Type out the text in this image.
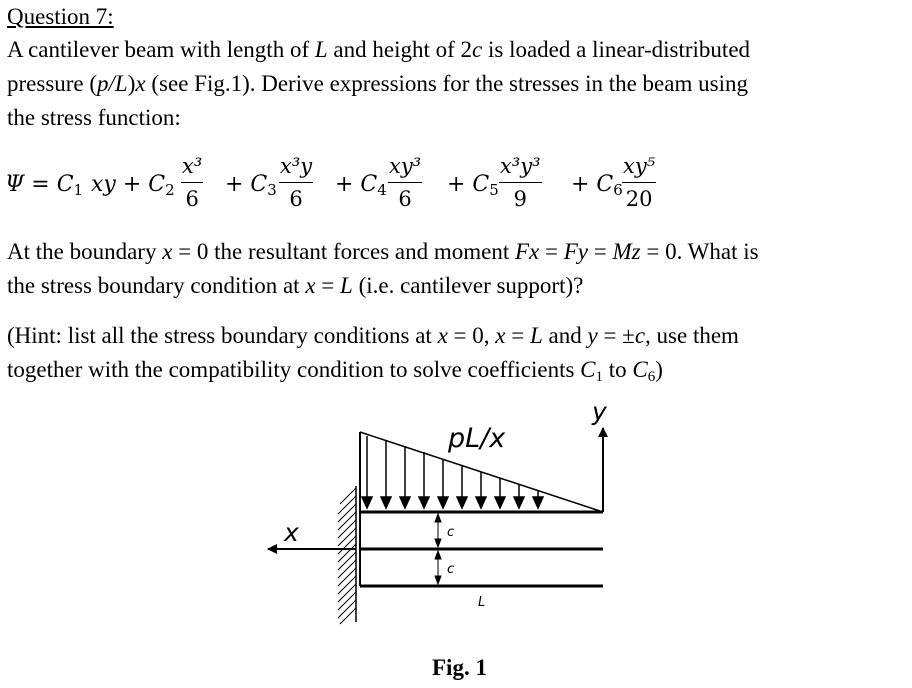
Question 7:
A cantilever beam with length of L and height of 2c is loaded a linear-distributed
pressure (p/L)x (see Fig.1). Derive expressions for the stresses in the beam using
the stress function:
$\Psi = C_1$ xy + $C_2$
x³
6
+ $C_3$
x³y
6
+ $C_4$
xy³
6
+ $C_5$
x³y³
9
+ $C_6$
xy⁵
20
At the boundary x = 0 the resultant forces and moment Fx = Fy = Mz = 0. What is
the stress boundary condition at x = L (i.e. cantilever support)?
(Hint: list all the stress boundary conditions at x = 0, x = L and y = ±c, use them
together with the compatibility condition to solve coefficients $C_1$ to $C_6$)
pL/x
x
y
c
c
L
Fig. 1
